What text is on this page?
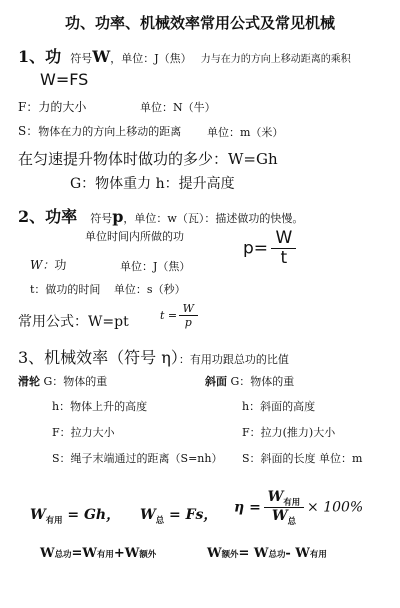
功、功率、机械效率常用公式及常见机械
1、功 符号W，单位：J（焦） 力与在力的方向上移动距离的乘积
W=FS
F：力的大小	单位：N（牛）
S：物体在力的方向上移动的距离 单位：m（米）
在匀速提升物体时做功的多少：W=Gh
G：物体重力 h：提升高度
2、功率 符号p，单位：w（瓦）：描述做功的快慢。
单位时间内所做的功
$p= \frac{W}{t}$
W：功	单位：J（焦）
t：做功的时间 单位：s（秒）
常用公式：W=pt	$t = \frac{W}{p}$
3、机械效率（符号 η）：有用功跟总功的比值
滑轮 G：物体的重	斜面 G：物体的重
h：物体上升的高度	h：斜面的高度
F：拉力大小	F：拉力(推力)大小
S：绳子末端通过的距离（S=nh） S：斜面的长度 单位：m
$W_{有用} = Gh$， $W_总 = Fs$， $\eta = \frac{W_{有用}}{W_总} \times 100\%$
W总功=W有用+W额外	W额外= W总功- W有用
